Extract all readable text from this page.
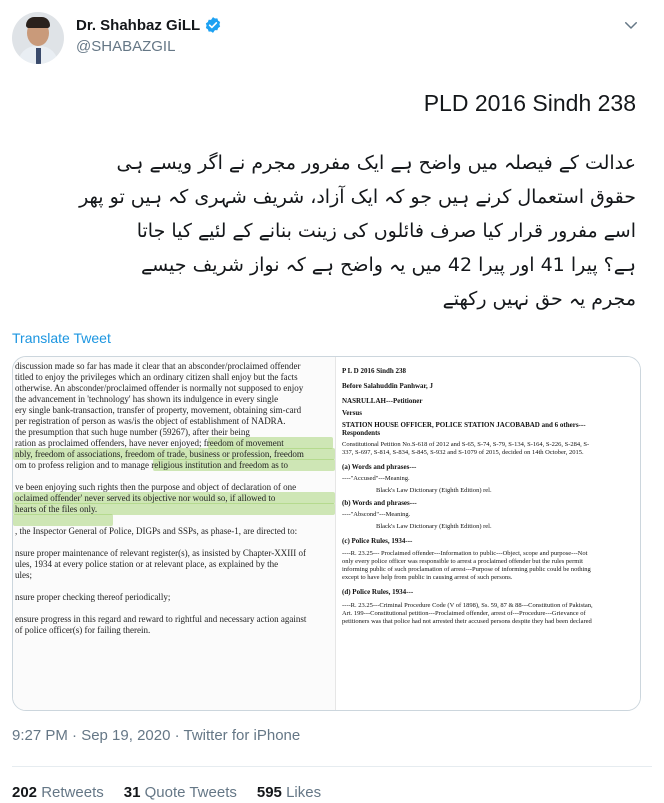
Dr. Shahbaz GiLL
@SHABAZGIL
PLD 2016 Sindh 238
عدالت کے فیصلہ میں واضح ہے ایک مفرور مجرم نے اگر ویسے ہی
حقوق استعمال کرنے ہیں جو کہ ایک آزاد، شریف شہری کہ ہیں تو پھر
اسے مفرور قرار کیا صرف فائلوں کی زینت بنانے کے لئیے کیا جاتا
ہے؟ پیرا 41 اور پیرا 42 میں یہ واضح ہے کہ نواز شریف جیسے
مجرم یہ حق نہیں رکھتے
Translate Tweet
discussion made so far has made it clear that an absconder/proclaimed offender
titled to enjoy the privileges which an ordinary citizen shall enjoy but the facts
otherwise. An absconder/proclaimed offender is normally not supposed to enjoy
the advancement in 'technology' has shown its indulgence in every single
ery single bank-transaction, transfer of property, movement, obtaining sim-card
per registration of person as was/is the object of establishment of NADRA.
the presumption that such huge number (59267), after their being
ration as proclaimed offenders, have never enjoyed; freedom of movement
nbly, freedom of associations, freedom of trade, business or profession, freedom
om to profess religion and to manage religious institution and freedom as to
ve been enjoying such rights then the purpose and object of declaration of one
oclaimed offender' never served its objective nor would so, if allowed to
hearts of the files only.
, the Inspector General of Police, DIGPs and SSPs, as phase-1, are directed to:
nsure proper maintenance of relevant register(s), as insisted by Chapter-XXIII of
ules, 1934 at every police station or at relevant place, as explained by the
ules;
nsure proper checking thereof periodically;
ensure progress in this regard and reward to rightful and necessary action against
of police officer(s) for failing therein.
P L D 2016 Sindh 238
Before Salahuddin Panhwar, J
NASRULLAH---Petitioner
Versus
STATION HOUSE OFFICER, POLICE STATION JACOBABAD and 6 others---
Respondents
Constitutional Petition No.S-618 of 2012 and S-65, S-74, S-79, S-134, S-164, S-226, S-284, S-
337, S-697, S-814, S-834, S-845, S-932 and S-1079 of 2015, decided on 14th October, 2015.
(a) Words and phrases---
----"Accused"---Meaning.
Black's Law Dictionary (Eighth Edition) rel.
(b) Words and phrases---
----"Abscond"---Meaning.
Black's Law Dictionary (Eighth Edition) rel.
(c) Police Rules, 1934---
----R. 23.25--- Proclaimed offender---Information to public---Object, scope and purpose---Not
only every police officer was responsible to arrest a proclaimed offender but the rules permit
informing public of such proclamation of arrest---Purpose of informing public could be nothing
except to have help from public in causing arrest of such persons.
(d) Police Rules, 1934---
----R. 23.25---Criminal Procedure Code (V of 1898), Ss. 59, 87 & 88---Constitution of Pakistan,
Art. 199---Constitutional petition---Proclaimed offender, arrest of---Procedure---Grievance of
petitioners was that police had not arrested their accused persons despite they had been declared
9:27 PM · Sep 19, 2020 · Twitter for iPhone
202 Retweets 31 Quote Tweets 595 Likes
